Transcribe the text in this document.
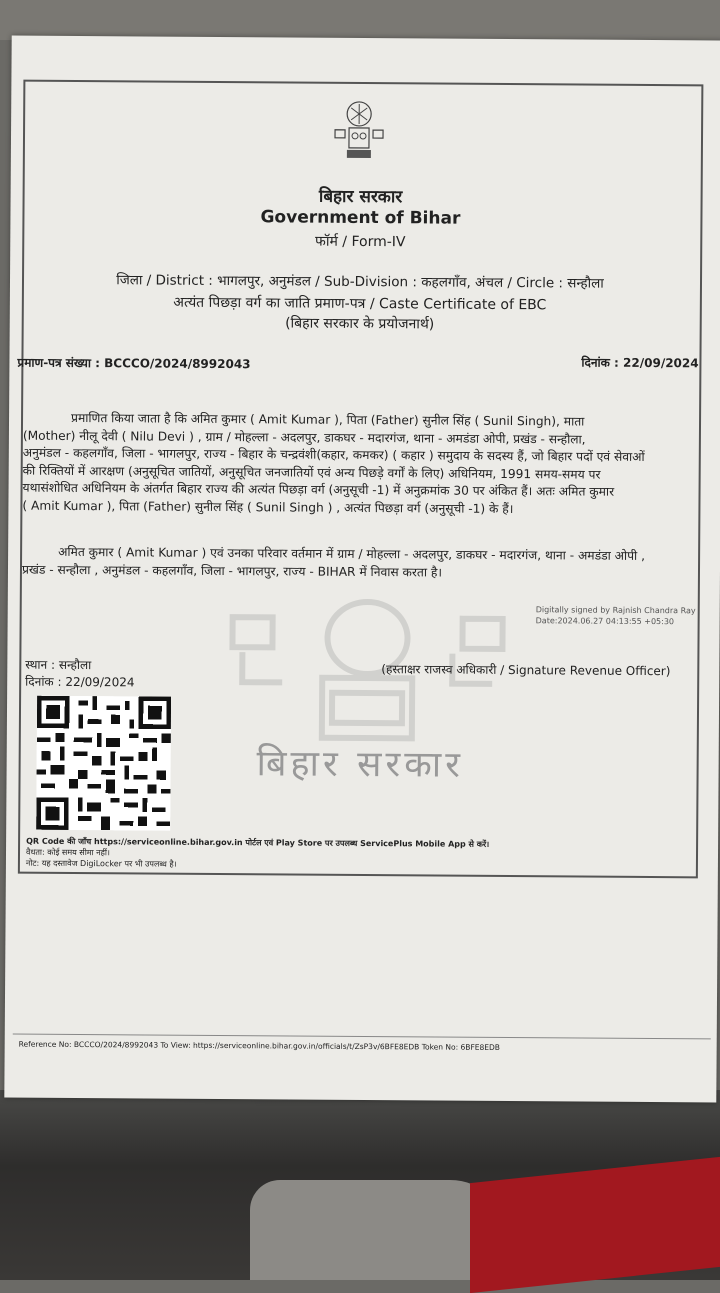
बिहार सरकार
Government of Bihar
फॉर्म / Form-IV
जिला / District : भागलपुर, अनुमंडल / Sub-Division : कहलगाँव, अंचल / Circle : सन्हौला
अत्यंत पिछड़ा वर्ग का जाति प्रमाण-पत्र / Caste Certificate of EBC
(बिहार सरकार के प्रयोजनार्थ)
प्रमाण-पत्र संख्या : BCCCO/2024/8992043	दिनांक : 22/09/2024
प्रमाणित किया जाता है कि अमित कुमार ( Amit Kumar ), पिता (Father) सुनील सिंह ( Sunil Singh), माता
(Mother) नीलू देवी ( Nilu Devi ) , ग्राम / मोहल्ला - अदलपुर, डाकघर - मदारगंज, थाना - अमडंडा ओपी, प्रखंड - सन्हौला,
अनुमंडल - कहलगाँव, जिला - भागलपुर, राज्य - बिहार के चन्द्रवंशी(कहार, कमकर) ( कहार ) समुदाय के सदस्य हैं, जो बिहार पदों एवं सेवाओं
की रिक्तियों में आरक्षण (अनुसूचित जातियों, अनुसूचित जनजातियों एवं अन्य पिछड़े वर्गों के लिए) अधिनियम, 1991 समय-समय पर
यथासंशोधित अधिनियम के अंतर्गत बिहार राज्य की अत्यंत पिछड़ा वर्ग (अनुसूची -1) में अनुक्रमांक 30 पर अंकित हैं। अतः अमित कुमार
( Amit Kumar ), पिता (Father) सुनील सिंह ( Sunil Singh ) , अत्यंत पिछड़ा वर्ग (अनुसूची -1) के हैं।
अमित कुमार ( Amit Kumar ) एवं उनका परिवार वर्तमान में ग्राम / मोहल्ला - अदलपुर, डाकघर - मदारगंज, थाना - अमडंडा ओपी ,
प्रखंड - सन्हौला , अनुमंडल - कहलगाँव, जिला - भागलपुर, राज्य - BIHAR में निवास करता है।
बिहार सरकार
Digitally signed by Rajnish Chandra Ray
Date:2024.06.27 04:13:55 +05:30
स्थान : सन्हौला
दिनांक : 22/09/2024
(हस्ताक्षर राजस्व अधिकारी / Signature Revenue Officer)
QR Code की जाँच https://serviceonline.bihar.gov.in पोर्टल एवं Play Store पर उपलब्ध ServicePlus Mobile App से करें।
वैधता: कोई समय सीमा नहीं।
नोट: यह दस्तावेज DigiLocker पर भी उपलब्ध है।
Reference No: BCCCO/2024/8992043 To View: https://serviceonline.bihar.gov.in/officials/t/ZsP3v/6BFE8EDB Token No: 6BFE8EDB
